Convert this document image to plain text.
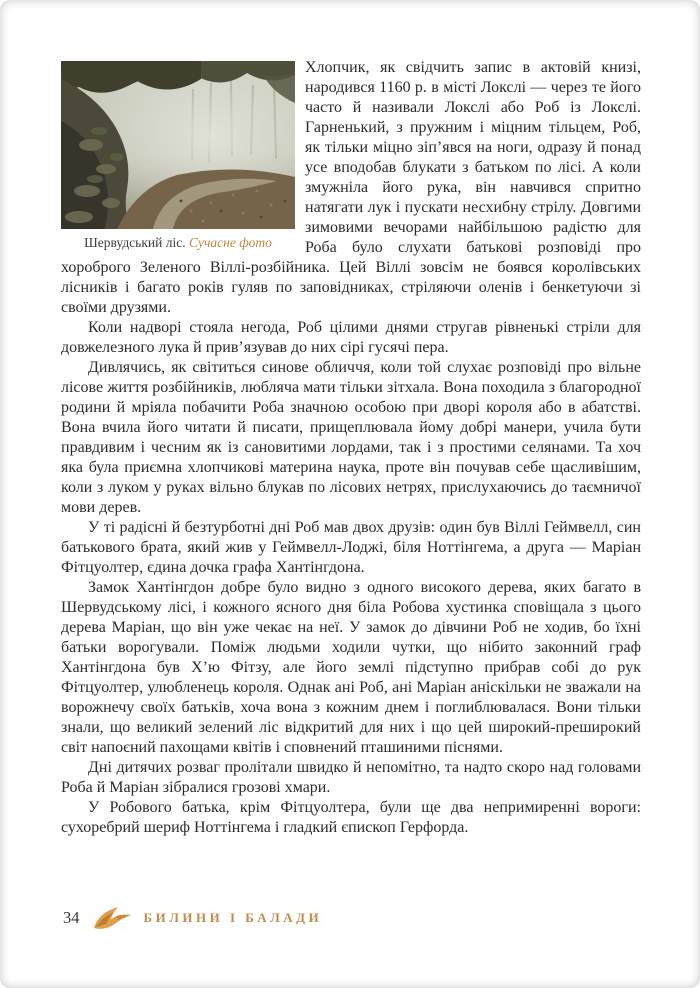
Шервудський ліс. Сучасне фото

Хлопчик, як свідчить запис в актовій книзі, народився 1160 р. в місті Локслі — через те його часто й називали Локслі або Роб із Локслі. Гарненький, з пружним і міцним тільцем, Роб, як тільки міцно зіп’явся на ноги, одразу й понад усе вподобав блукати з батьком по лісі. А коли змужніла його рука, він навчився спритно натягати лук і пускати несхибну стрілу. Довгими зимовими вечорами найбільшою радістю для Роба було слухати батькові розповіді про хороброго Зеленого Віллі-розбійника. Цей Віллі зовсім не боявся королівських лісників і багато років гуляв по заповідниках, стріляючи оленів і бенкетуючи зі своїми друзями.

Коли надворі стояла негода, Роб цілими днями стругав рівненькі стріли для довжелезного лука й прив’язував до них сірі гусячі пера.

Дивлячись, як світиться синове обличчя, коли той слухає розповіді про вільне лісове життя розбійників, любляча мати тільки зітхала. Вона походила з благородної родини й мріяла побачити Роба значною особою при дворі короля або в абатстві. Вона вчила його читати й писати, прищеплювала йому добрі манери, учила бути правдивим і чесним як із сановитими лордами, так і з простими селянами. Та хоч яка була приємна хлопчикові материна наука, проте він почував себе щасливішим, коли з луком у руках вільно блукав по лісових нетрях, прислухаючись до таємничої мови дерев.

У ті радісні й безтурботні дні Роб мав двох друзів: один був Віллі Геймвелл, син батькового брата, який жив у Геймвелл-Лоджі, біля Ноттінгема, а друга — Маріан Фітцуолтер, єдина дочка графа Хантінгдона.

Замок Хантінгдон добре було видно з одного високого дерева, яких багато в Шервудському лісі, і кожного ясного дня біла Робова хустинка сповіщала з цього дерева Маріан, що він уже чекає на неї. У замок до дівчини Роб не ходив, бо їхні батьки ворогували. Поміж людьми ходили чутки, що нібито законний граф Хантінгдона був Х’ю Фітзу, але його землі підступно прибрав собі до рук Фітцуолтер, улюбленець короля. Однак ані Роб, ані Маріан аніскільки не зважали на ворожнечу своїх батьків, хоча вона з кожним днем і поглиблювалася. Вони тільки знали, що великий зелений ліс відкритий для них і що цей широкий-преширокий світ напоєний пахощами квітів і сповнений пташиними піснями.

Дні дитячих розваг пролітали швидко й непомітно, та надто скоро над головами Роба й Маріан зібралися грозові хмари.

У Робового батька, крім Фітцуолтера, були ще два непримиренні вороги: сухоребрий шериф Ноттінгема і гладкий єпископ Герфорда.

34	БИЛИНИ І БАЛАДИ
